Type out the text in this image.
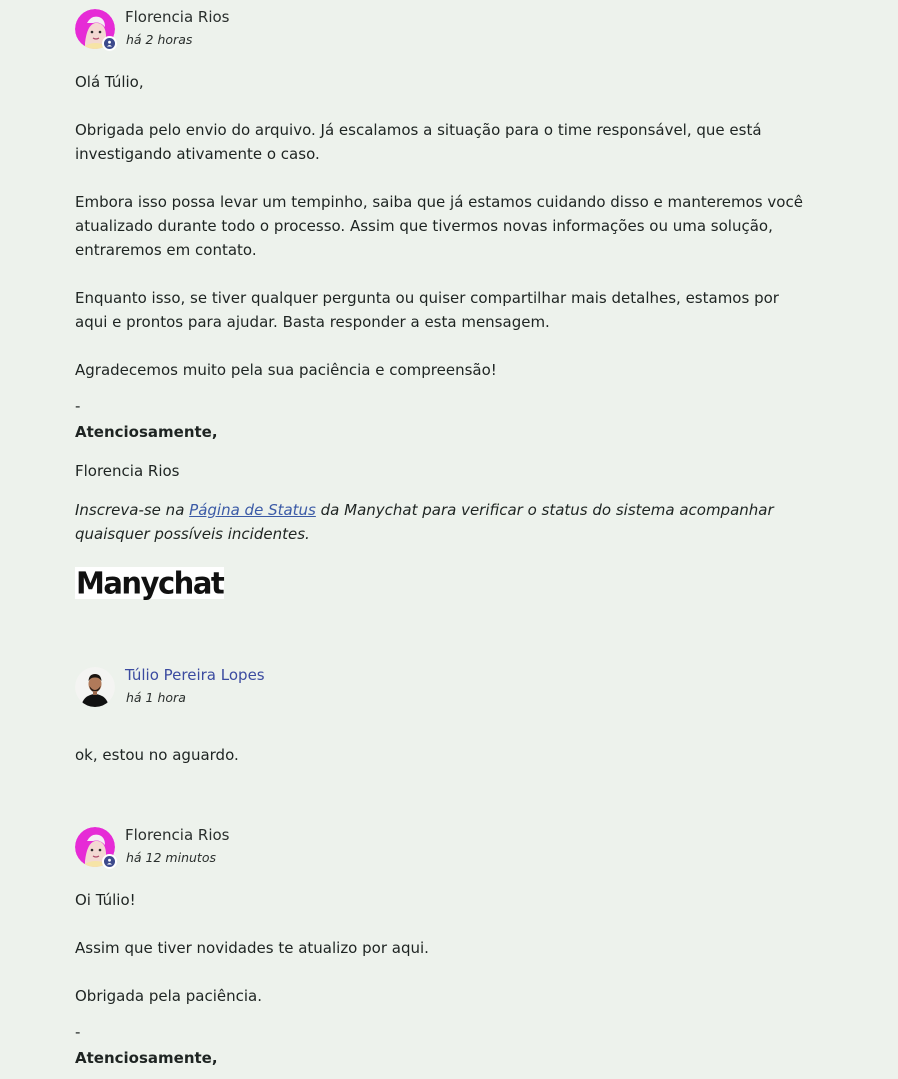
Florencia Rios
há 2 horas

Olá Túlio,

Obrigada pelo envio do arquivo. Já escalamos a situação para o time responsável, que está
investigando ativamente o caso.

Embora isso possa levar um tempinho, saiba que já estamos cuidando disso e manteremos você
atualizado durante todo o processo. Assim que tivermos novas informações ou uma solução,
entraremos em contato.

Enquanto isso, se tiver qualquer pergunta ou quiser compartilhar mais detalhes, estamos por
aqui e prontos para ajudar. Basta responder a esta mensagem.

Agradecemos muito pela sua paciência e compreensão!

-

Atenciosamente,

Florencia Rios

Inscreva-se na Página de Status da Manychat para verificar o status do sistema acompanhar
quaisquer possíveis incidentes.

Manychat
Túlio Pereira Lopes
há 1 hora

ok, estou no aguardo.

Florencia Rios
há 12 minutos

Oi Túlio!

Assim que tiver novidades te atualizo por aqui.

Obrigada pela paciência.

-

Atenciosamente,
